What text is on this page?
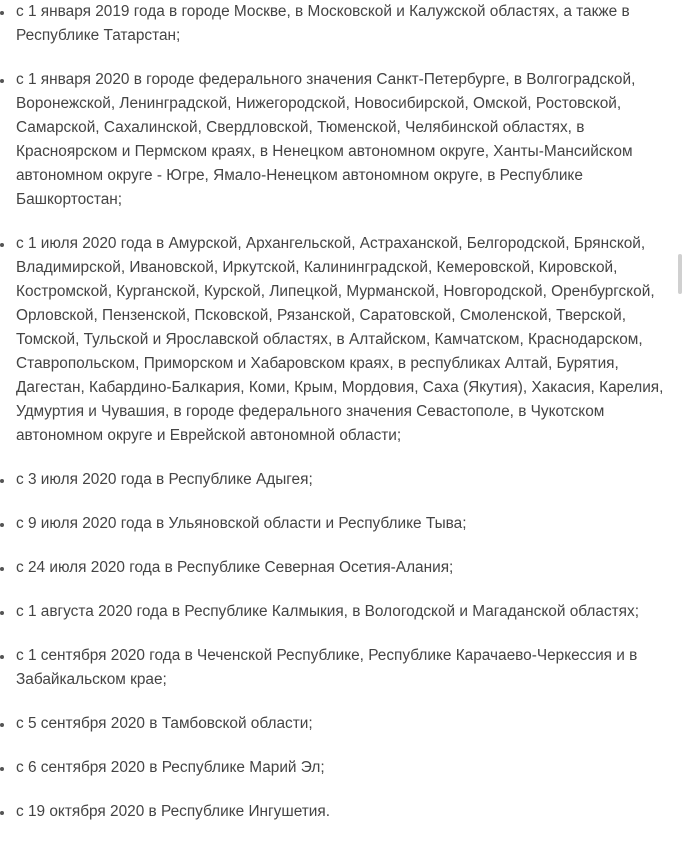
с 1 января 2019 года в городе Москве, в Московской и Калужской областях, а также в
Республике Татарстан;
с 1 января 2020 в городе федерального значения Санкт-Петербурге, в Волгоградской,
Воронежской, Ленинградской, Нижегородской, Новосибирской, Омской, Ростовской,
Самарской, Сахалинской, Свердловской, Тюменской, Челябинской областях, в
Красноярском и Пермском краях, в Ненецком автономном округе, Ханты-Мансийском
автономном округе - Югре, Ямало-Ненецком автономном округе, в Республике
Башкортостан;
с 1 июля 2020 года в Амурской, Архангельской, Астраханской, Белгородской, Брянской,
Владимирской, Ивановской, Иркутской, Калининградской, Кемеровской, Кировской,
Костромской, Курганской, Курской, Липецкой, Мурманской, Новгородской, Оренбургской,
Орловской, Пензенской, Псковской, Рязанской, Саратовской, Смоленской, Тверской,
Томской, Тульской и Ярославской областях, в Алтайском, Камчатском, Краснодарском,
Ставропольском, Приморском и Хабаровском краях, в республиках Алтай, Бурятия,
Дагестан, Кабардино-Балкария, Коми, Крым, Мордовия, Саха (Якутия), Хакасия, Карелия,
Удмуртия и Чувашия, в городе федерального значения Севастополе, в Чукотском
автономном округе и Еврейской автономной области;
с 3 июля 2020 года в Республике Адыгея;
с 9 июля 2020 года в Ульяновской области и Республике Тыва;
с 24 июля 2020 года в Республике Северная Осетия-Алания;
с 1 августа 2020 года в Республике Калмыкия, в Вологодской и Магаданской областях;
с 1 сентября 2020 года в Чеченской Республике, Республике Карачаево-Черкессия и в
Забайкальском крае;
с 5 сентября 2020 в Тамбовской области;
с 6 сентября 2020 в Республике Марий Эл;
с 19 октября 2020 в Республике Ингушетия.
